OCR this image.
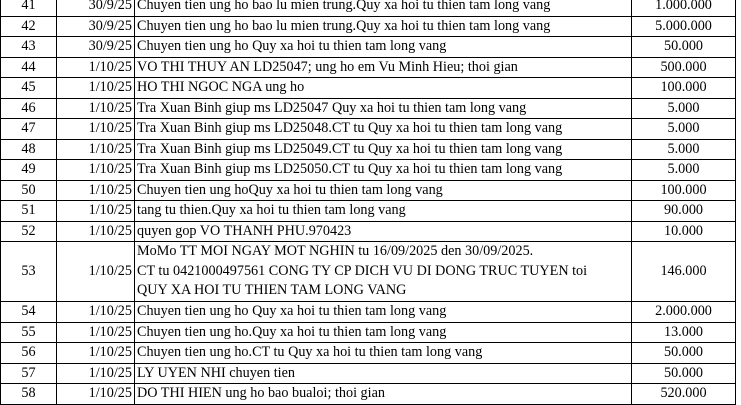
41	30/9/25	Chuyen tien ung ho bao lu mien trung.Quy xa hoi tu thien tam long vang	1.000.000
42	30/9/25	Chuyen tien ung ho bao lu mien trung.Quy xa hoi tu thien tam long vang	5.000.000
43	30/9/25	Chuyen tien ung ho Quy xa hoi tu thien tam long vang	50.000
44	1/10/25	VO THI THUY AN LD25047; ung ho em Vu Minh Hieu; thoi gian	500.000
45	1/10/25	HO THI NGOC NGA ung ho	100.000
46	1/10/25	Tra Xuan Binh giup ms LD25047 Quy xa hoi tu thien tam long vang	5.000
47	1/10/25	Tra Xuan Binh giup ms LD25048.CT tu Quy xa hoi tu thien tam long vang	5.000
48	1/10/25	Tra Xuan Binh giup ms LD25049.CT tu Quy xa hoi tu thien tam long vang	5.000
49	1/10/25	Tra Xuan Binh giup ms LD25050.CT tu Quy xa hoi tu thien tam long vang	5.000
50	1/10/25	Chuyen tien ung hoQuy xa hoi tu thien tam long vang	100.000
51	1/10/25	tang tu thien.Quy xa hoi tu thien tam long vang	90.000
52	1/10/25	quyen gop VO THANH PHU.970423	10.000
53	1/10/25	MoMo TT MOI NGAY MOT NGHIN tu 16/09/2025 den 30/09/2025.
CT tu 0421000497561 CONG TY CP DICH VU DI DONG TRUC TUYEN toi
QUY XA HOI TU THIEN TAM LONG VANG	146.000
54	1/10/25	Chuyen tien ung ho Quy xa hoi tu thien tam long vang	2.000.000
55	1/10/25	Chuyen tien ung ho.Quy xa hoi tu thien tam long vang	13.000
56	1/10/25	Chuyen tien ung ho.CT tu Quy xa hoi tu thien tam long vang	50.000
57	1/10/25	LY UYEN NHI chuyen tien	50.000
58	1/10/25	DO THI HIEN ung ho bao bualoi; thoi gian	520.000
